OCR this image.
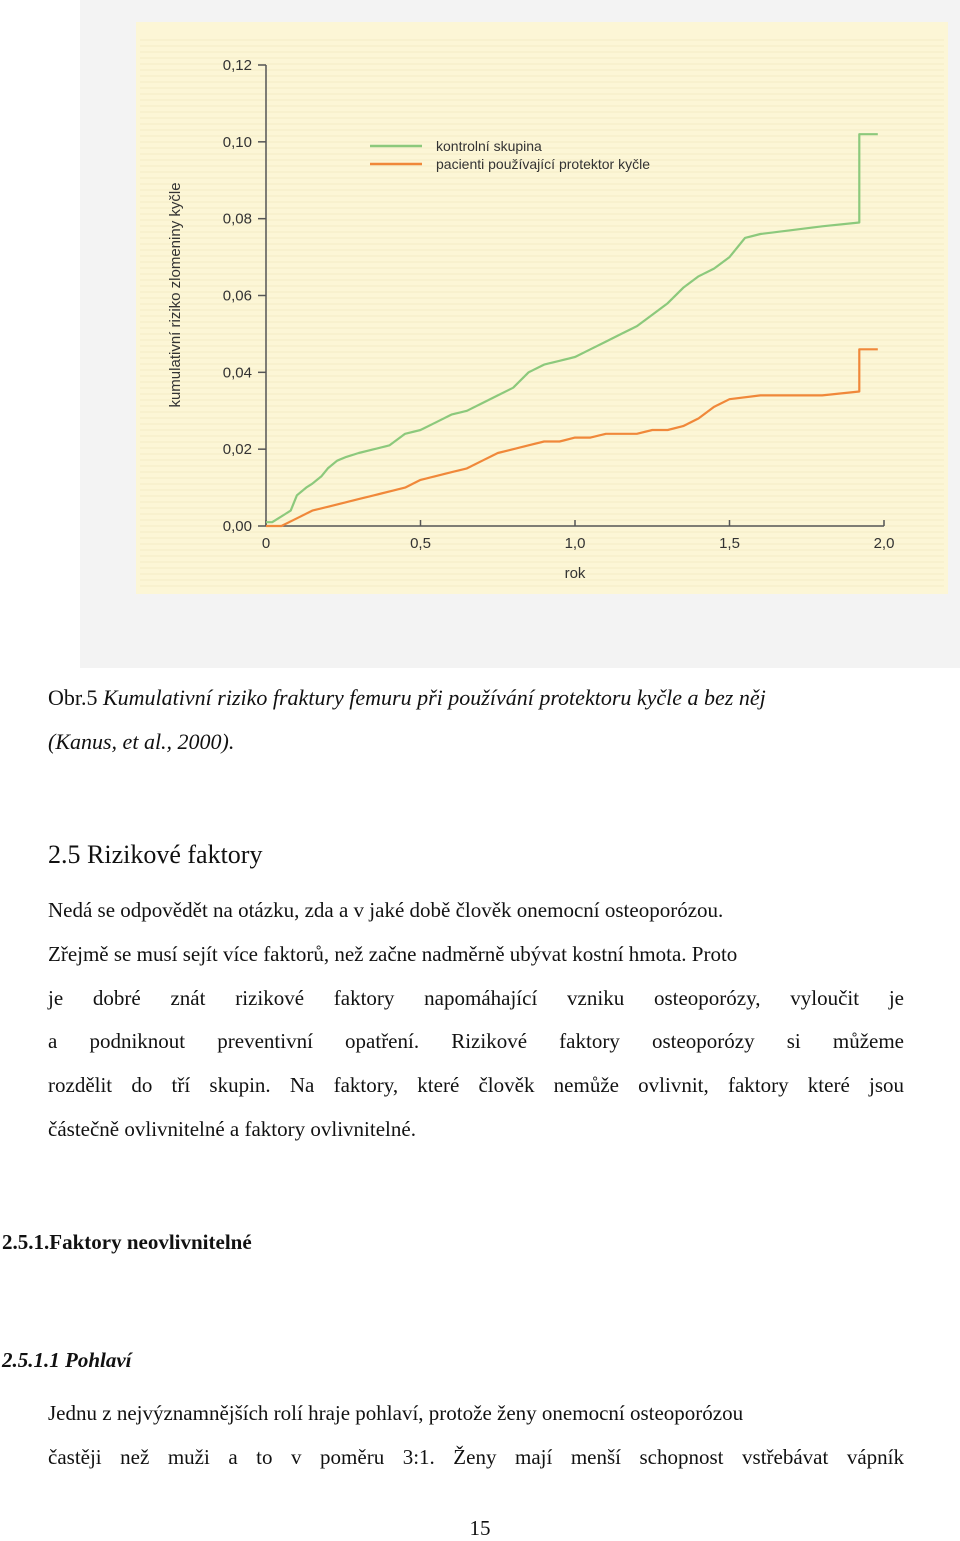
0,00
0,02
0,04
0,06
0,08
0,10
0,12
0	0,5	1,0	1,5	2,0
kontrolní skupina
pacienti používající protektor kyčle
rok
kumulativní riziko zlomeniny kyčle
Obr.5 Kumulativní riziko fraktury femuru při používání protektoru kyčle a bez něj
(Kanus, et al., 2000).
2.5 Rizikové faktory
Nedá se odpovědět na otázku, zda a v jaké době člověk onemocní osteoporózou.
Zřejmě se musí sejít více faktorů, než začne nadměrně ubývat kostní hmota. Proto
je dobré znát rizikové faktory napomáhající vzniku osteoporózy, vyloučit je
a podniknout preventivní opatření. Rizikové faktory osteoporózy si můžeme
rozdělit do tří skupin. Na faktory, které člověk nemůže ovlivnit, faktory které jsou
částečně ovlivnitelné a faktory ovlivnitelné.
2.5.1.Faktory neovlivnitelné
2.5.1.1 Pohlaví
Jednu z nejvýznamnějších rolí hraje pohlaví, protože ženy onemocní osteoporózou
častěji než muži a to v poměru 3:1. Ženy mají menší schopnost vstřebávat vápník
15
